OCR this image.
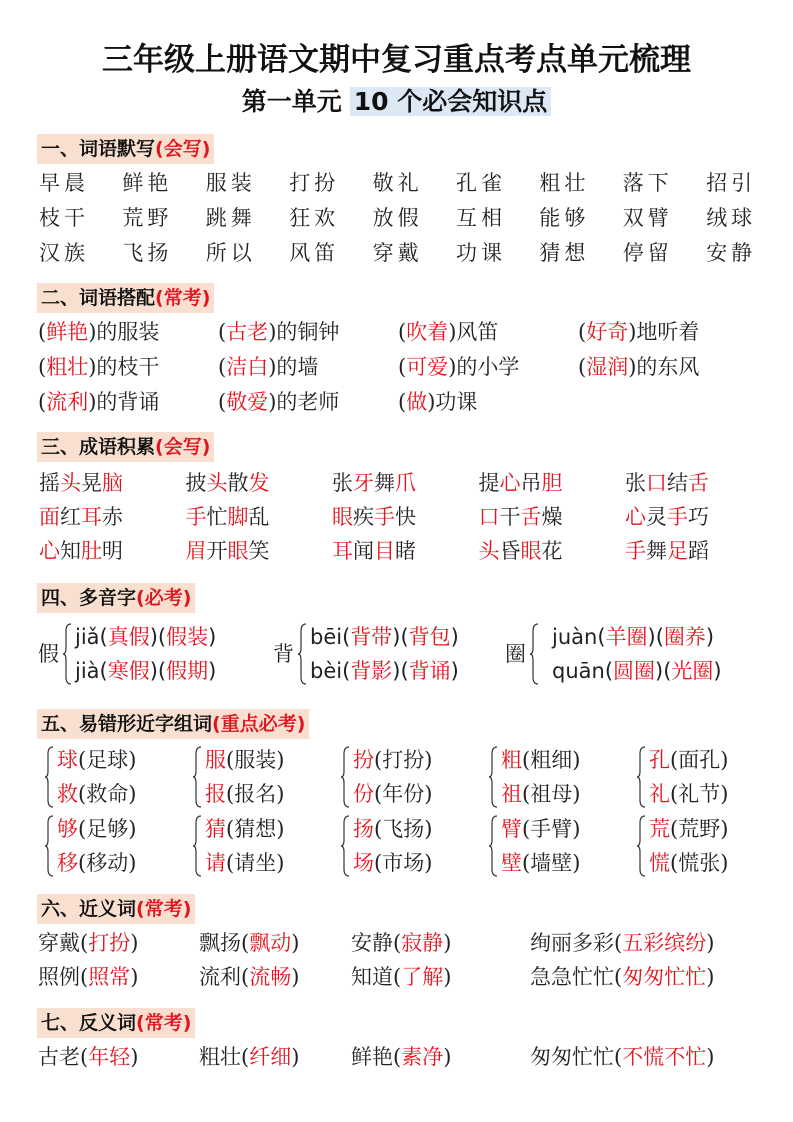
三年级上册语文期中复习重点考点单元梳理
第一单元 10 个必会知识点
一、词语默写(会写)
早晨 鲜艳 服装 打扮 敬礼 孔雀 粗壮 落下 招引
枝干 荒野 跳舞 狂欢 放假 互相 能够 双臂 绒球
汉族 飞扬 所以 风笛 穿戴 功课 猜想 停留 安静
二、词语搭配(常考)
(鲜艳)的服装	(古老)的铜钟	(吹着)风笛	(好奇)地听着
(粗壮)的枝干	(洁白)的墙	(可爱)的小学	(湿润)的东风
(流利)的背诵	(敬爱)的老师	(做)功课
三、成语积累(会写)
摇头晃脑	披头散发	张牙舞爪	提心吊胆	张口结舌
面红耳赤	手忙脚乱	眼疾手快	口干舌燥	心灵手巧
心知肚明	眉开眼笑	耳闻目睹	头昏眼花	手舞足蹈
四、多音字(必考)
假
jiǎ(真假)(假装)
jià(寒假)(假期)
背
bēi(背带)(背包)
bèi(背影)(背诵)
圈
juàn(羊圈)(圈养)
quān(圆圈)(光圈)
五、易错形近字组词(重点必考)
球(足球)
救(救命)
服(服装)
报(报名)
扮(打扮)
份(年份)
粗(粗细)
祖(祖母)
孔(面孔)
礼(礼节)
够(足够)
移(移动)
猜(猜想)
请(请坐)
扬(飞扬)
场(市场)
臂(手臂)
壁(墙壁)
荒(荒野)
慌(慌张)
六、近义词(常考)
穿戴(打扮)	飘扬(飘动) 安静(寂静)	绚丽多彩(五彩缤纷)
照例(照常)	流利(流畅) 知道(了解)	急急忙忙(匆匆忙忙)
七、反义词(常考)
古老(年轻)	粗壮(纤细) 鲜艳(素净)	匆匆忙忙(不慌不忙)
